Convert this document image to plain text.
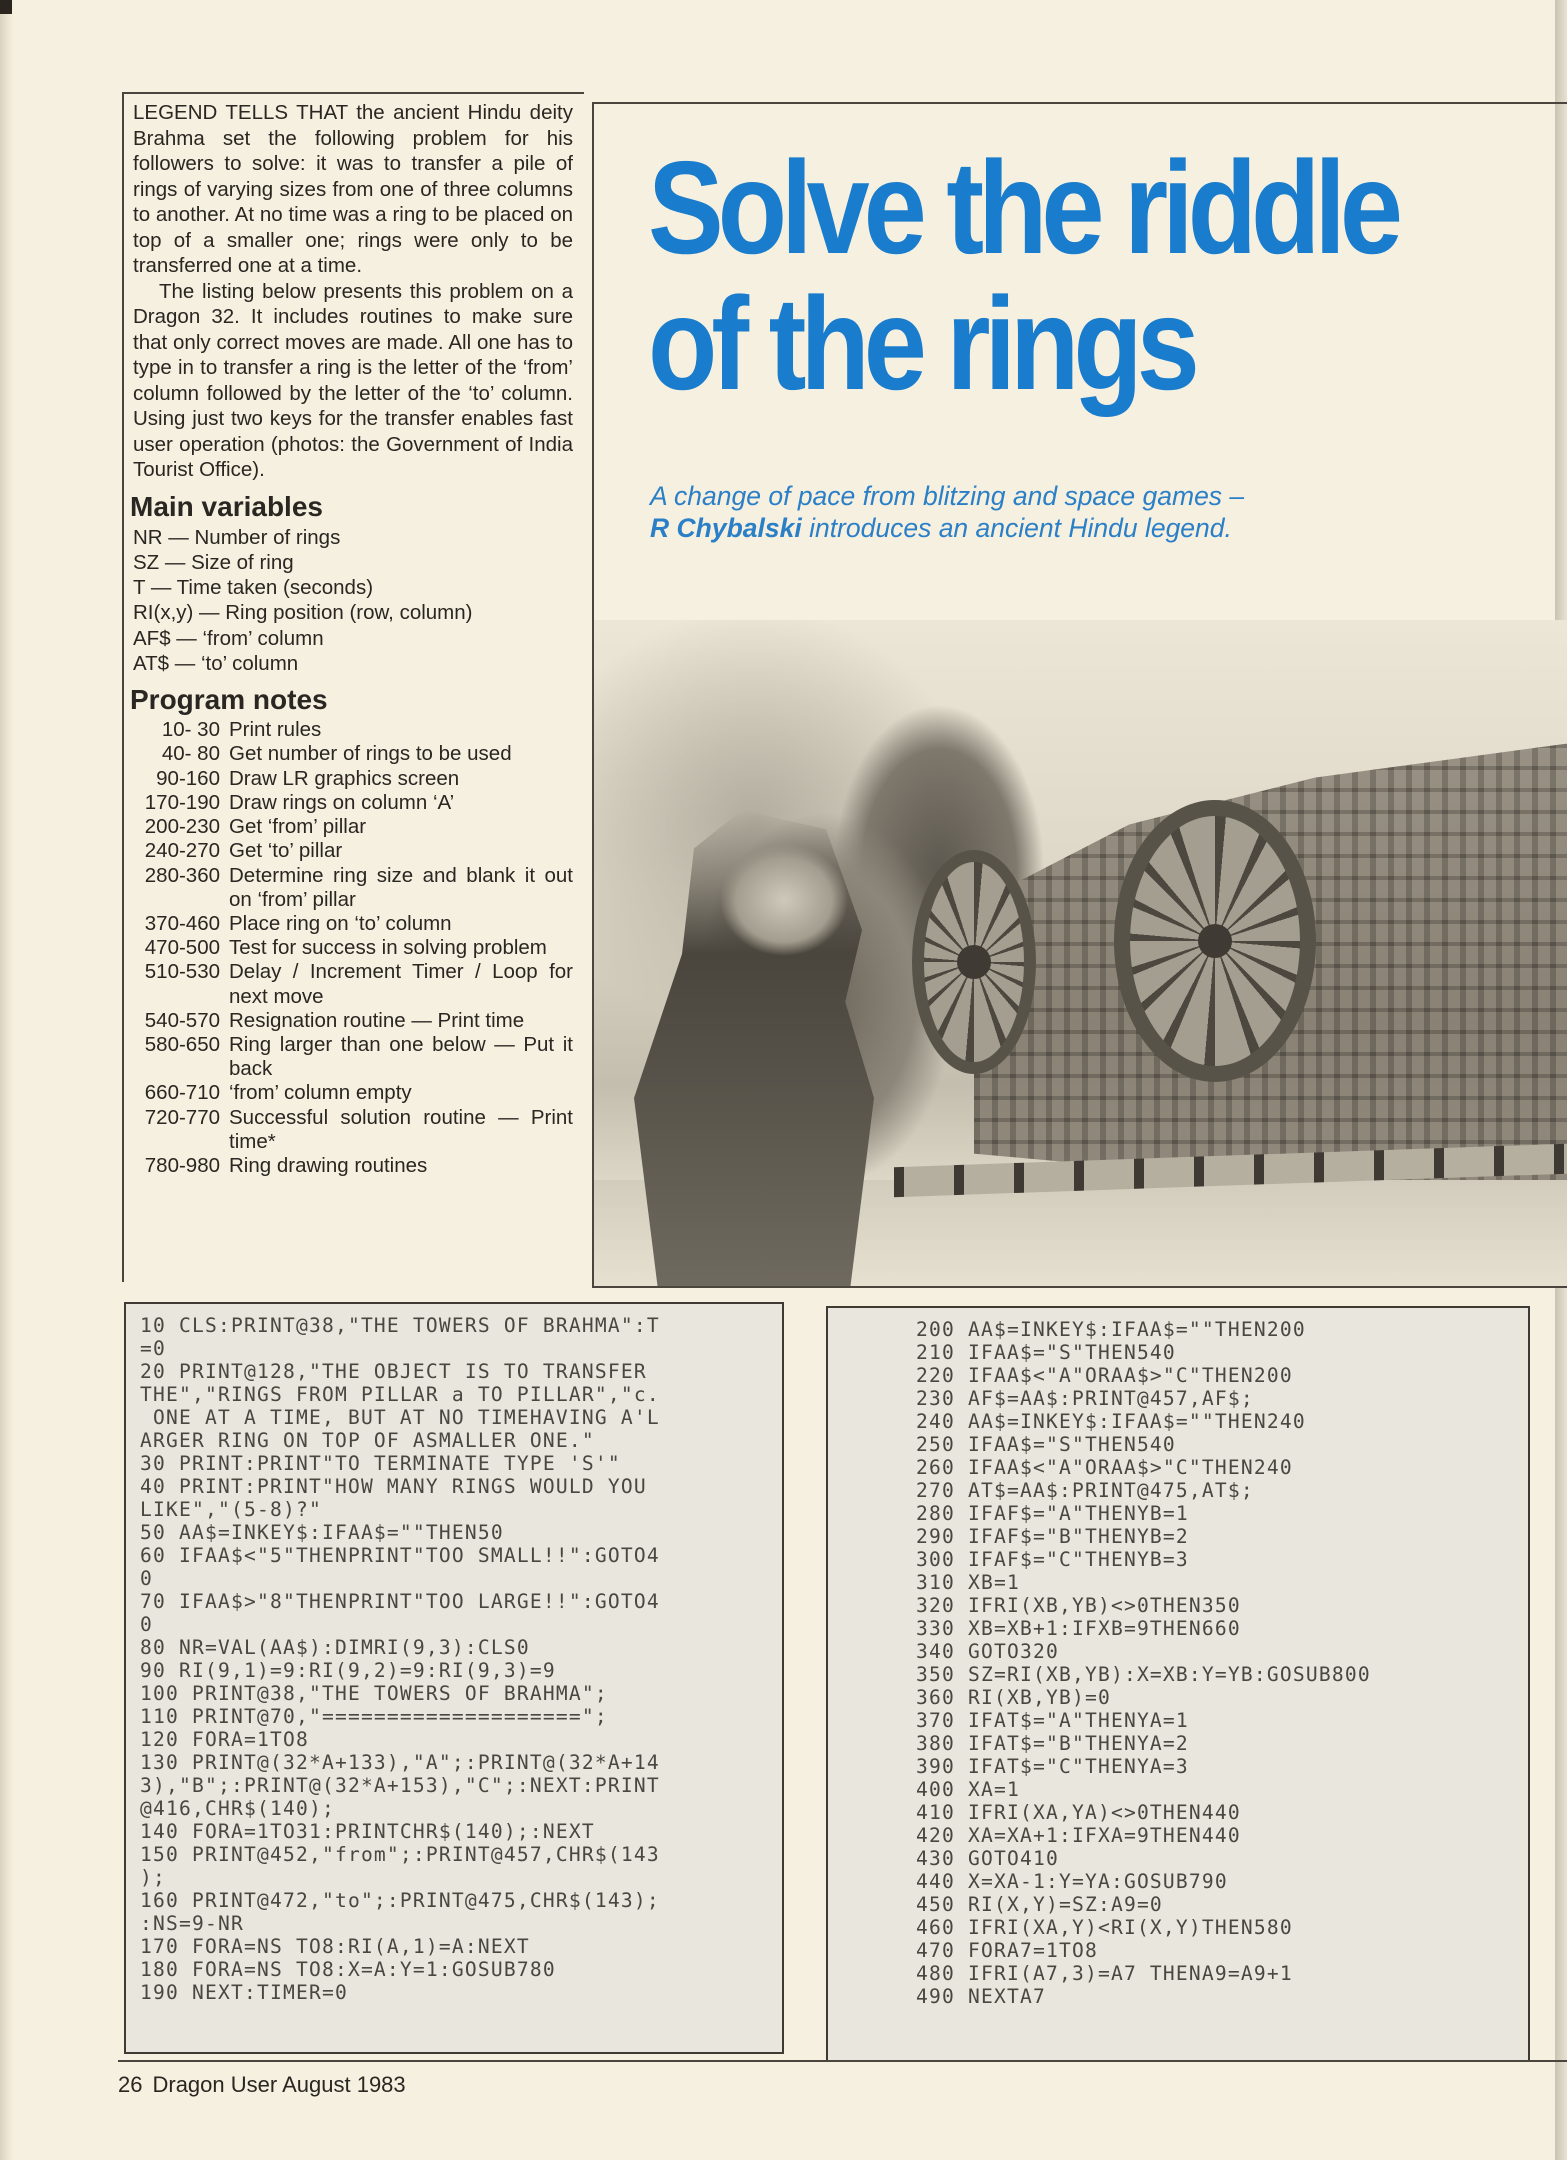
LEGEND TELLS THAT the ancient Hindu deity Brahma set the following problem for his followers to solve: it was to transfer a pile of rings of varying sizes from one of three columns to another. At no time was a ring to be placed on top of a smaller one; rings were only to be transferred one at a time.

The listing below presents this problem on a Dragon 32. It includes routines to make sure that only correct moves are made. All one has to type in to transfer a ring is the letter of the ‘from’ column followed by the letter of the ‘to’ column. Using just two keys for the transfer enables fast user operation (photos: the Government of India Tourist Office).

Main variables
NR — Number of rings
SZ — Size of ring
T — Time taken (seconds)
RI(x,y) — Ring position (row, column)
AF$ — ‘from’ column
AT$ — ‘to’ column
Program notes
10- 30 Print rules
40- 80 Get number of rings to be used
90-160 Draw LR graphics screen
170-190 Draw rings on column ‘A’
200-230 Get ‘from’ pillar
240-270 Get ‘to’ pillar
280-360 Determine ring size and blank it out on ‘from’ pillar
370-460 Place ring on ‘to’ column
470-500 Test for success in solving problem
510-530 Delay / Increment Timer / Loop for next move
540-570 Resignation routine — Print time
580-650 Ring larger than one below — Put it back
660-710 ‘from’ column empty
720-770 Successful solution routine — Print time*
780-980 Ring drawing routines
Solve the riddle
of the rings
A change of pace from blitzing and space games – R Chybalski introduces an ancient Hindu legend.
10 CLS:PRINT@38,"THE TOWERS OF BRAHMA":T
=0
20 PRINT@128,"THE OBJECT IS TO TRANSFER
THE","RINGS FROM PILLAR a TO PILLAR","c.
ONE AT A TIME, BUT AT NO TIMEHAVING A'L
ARGER RING ON TOP OF ASMALLER ONE."
30 PRINT:PRINT"TO TERMINATE TYPE 'S'"
40 PRINT:PRINT"HOW MANY RINGS WOULD YOU
LIKE","(5-8)?"
50 AA$=INKEY$:IFAA$=""THEN50
60 IFAA$<"5"THENPRINT"TOO SMALL!!":GOTO4
0
70 IFAA$>"8"THENPRINT"TOO LARGE!!":GOTO4
0
80 NR=VAL(AA$):DIMRI(9,3):CLS0
90 RI(9,1)=9:RI(9,2)=9:RI(9,3)=9
100 PRINT@38,"THE TOWERS OF BRAHMA";
110 PRINT@70,"====================";
120 FORA=1TO8
130 PRINT@(32*A+133),"A";:PRINT@(32*A+14
3),"B";:PRINT@(32*A+153),"C";:NEXT:PRINT
@416,CHR$(140);
140 FORA=1TO31:PRINTCHR$(140);:NEXT
150 PRINT@452,"from";:PRINT@457,CHR$(143
);
160 PRINT@472,"to";:PRINT@475,CHR$(143);
:NS=9-NR
170 FORA=NS TO8:RI(A,1)=A:NEXT
180 FORA=NS TO8:X=A:Y=1:GOSUB780
190 NEXT:TIMER=0
200 AA$=INKEY$:IFAA$=""THEN200
210 IFAA$="S"THEN540
220 IFAA$<"A"ORAA$>"C"THEN200
230 AF$=AA$:PRINT@457,AF$;
240 AA$=INKEY$:IFAA$=""THEN240
250 IFAA$="S"THEN540
260 IFAA$<"A"ORAA$>"C"THEN240
270 AT$=AA$:PRINT@475,AT$;
280 IFAF$="A"THENYB=1
290 IFAF$="B"THENYB=2
300 IFAF$="C"THENYB=3
310 XB=1
320 IFRI(XB,YB)<>0THEN350
330 XB=XB+1:IFXB=9THEN660
340 GOTO320
350 SZ=RI(XB,YB):X=XB:Y=YB:GOSUB800
360 RI(XB,YB)=0
370 IFAT$="A"THENYA=1
380 IFAT$="B"THENYA=2
390 IFAT$="C"THENYA=3
400 XA=1
410 IFRI(XA,YA)<>0THEN440
420 XA=XA+1:IFXA=9THEN440
430 GOTO410
440 X=XA-1:Y=YA:GOSUB790
450 RI(X,Y)=SZ:A9=0
460 IFRI(XA,Y)<RI(X,Y)THEN580
470 FORA7=1TO8
480 IFRI(A7,3)=A7 THENA9=A9+1
490 NEXTA7
26 Dragon User August 1983
